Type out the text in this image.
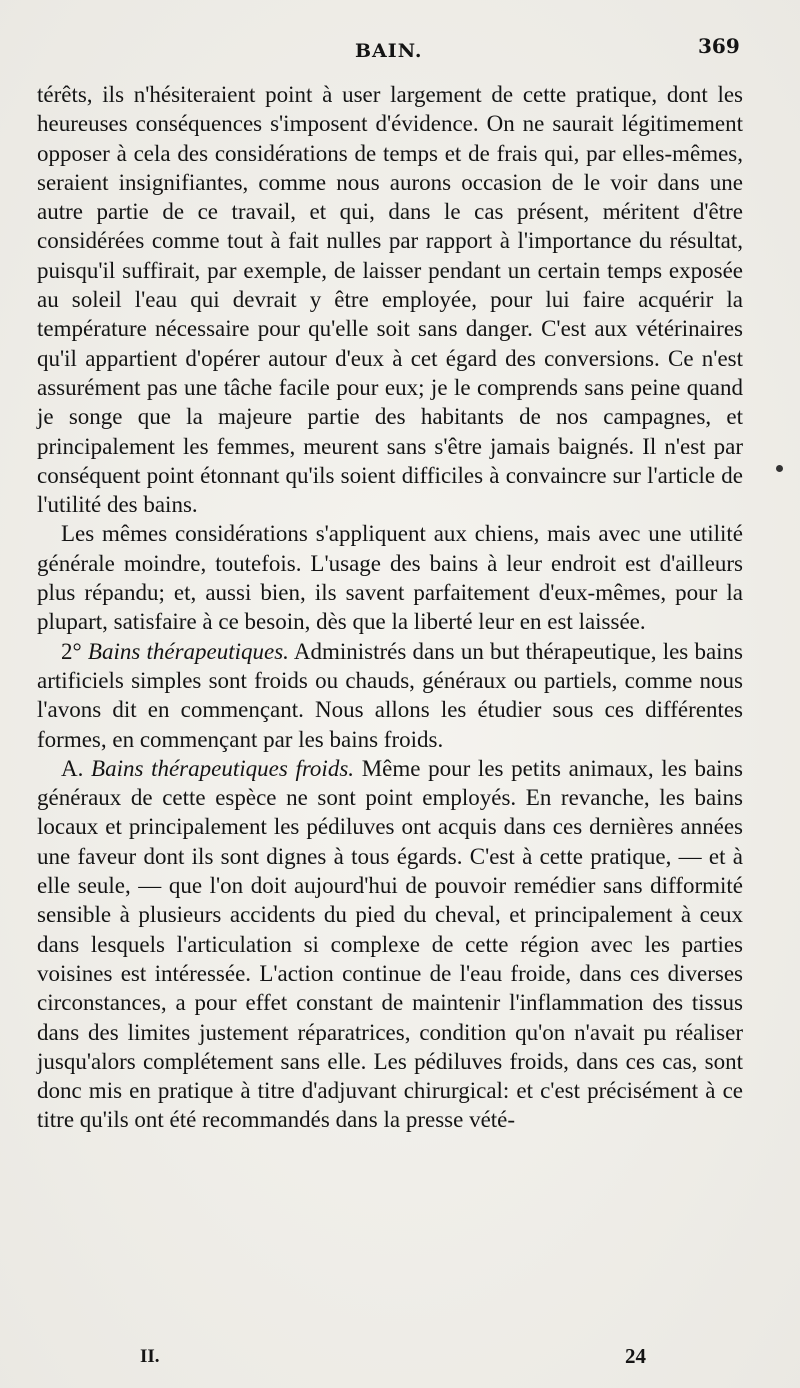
BAIN.	369

térêts, ils n'hésiteraient point à user largement de cette pratique, dont les heureuses conséquences s'imposent d'évidence. On ne saurait légitimement opposer à cela des considérations de temps et de frais qui, par elles-mêmes, seraient insignifiantes, comme nous aurons occasion de le voir dans une autre partie de ce travail, et qui, dans le cas présent, méritent d'être considérées comme tout à fait nulles par rapport à l'importance du résultat, puisqu'il suffirait, par exemple, de laisser pendant un certain temps exposée au soleil l'eau qui devrait y être employée, pour lui faire acquérir la température nécessaire pour qu'elle soit sans danger. C'est aux vétérinaires qu'il appartient d'opérer autour d'eux à cet égard des conversions. Ce n'est assurément pas une tâche facile pour eux; je le comprends sans peine quand je songe que la majeure partie des habitants de nos campagnes, et principalement les femmes, meurent sans s'être jamais baignés. Il n'est par conséquent point étonnant qu'ils soient difficiles à convaincre sur l'article de l'utilité des bains.

Les mêmes considérations s'appliquent aux chiens, mais avec une utilité générale moindre, toutefois. L'usage des bains à leur endroit est d'ailleurs plus répandu; et, aussi bien, ils savent parfaitement d'eux-mêmes, pour la plupart, satisfaire à ce besoin, dès que la liberté leur en est laissée.

2° Bains thérapeutiques. Administrés dans un but thérapeutique, les bains artificiels simples sont froids ou chauds, généraux ou partiels, comme nous l'avons dit en commençant. Nous allons les étudier sous ces différentes formes, en commençant par les bains froids.

A. Bains thérapeutiques froids. Même pour les petits animaux, les bains généraux de cette espèce ne sont point employés. En revanche, les bains locaux et principalement les pédiluves ont acquis dans ces dernières années une faveur dont ils sont dignes à tous égards. C'est à cette pratique, — et à elle seule, — que l'on doit aujourd'hui de pouvoir remédier sans difformité sensible à plusieurs accidents du pied du cheval, et principalement à ceux dans lesquels l'articulation si complexe de cette région avec les parties voisines est intéressée. L'action continue de l'eau froide, dans ces diverses circonstances, a pour effet constant de maintenir l'inflammation des tissus dans des limites justement réparatrices, condition qu'on n'avait pu réaliser jusqu'alors complétement sans elle. Les pédiluves froids, dans ces cas, sont donc mis en pratique à titre d'adjuvant chirurgical: et c'est précisément à ce titre qu'ils ont été recommandés dans la presse vété-

II.	24
